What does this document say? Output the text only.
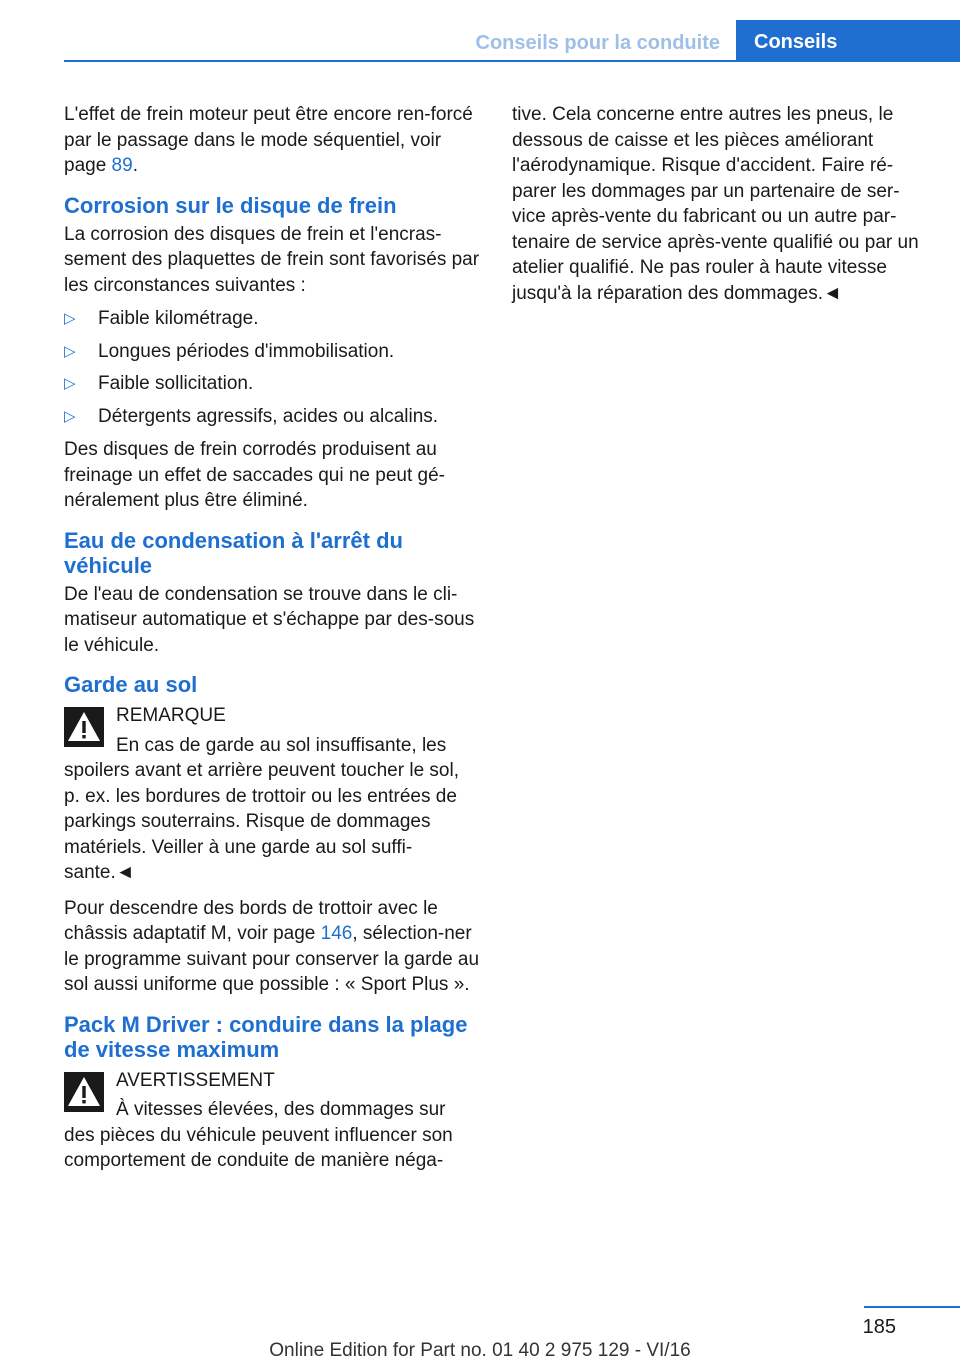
Conseils pour la conduite	Conseils

L'effet de frein moteur peut être encore ren-forcé par le passage dans le mode séquentiel, voir page 89.

Corrosion sur le disque de frein

La corrosion des disques de frein et l'encras-sement des plaquettes de frein sont favorisés par les circonstances suivantes :

▷ Faible kilométrage.
▷ Longues périodes d'immobilisation.
▷ Faible sollicitation.
▷ Détergents agressifs, acides ou alcalins.

Des disques de frein corrodés produisent au freinage un effet de saccades qui ne peut gé-néralement plus être éliminé.

Eau de condensation à l'arrêt du véhicule

De l'eau de condensation se trouve dans le cli-matiseur automatique et s'échappe par des-sous le véhicule.

Garde au sol
REMARQUE
En cas de garde au sol insuffisante, les
spoilers avant et arrière peuvent toucher le sol, p. ex. les bordures de trottoir ou les entrées de parkings souterrains. Risque de dommages matériels. Veiller à une garde au sol suffi-sante.◄

Pour descendre des bords de trottoir avec le châssis adaptatif M, voir page 146, sélection-ner le programme suivant pour conserver la garde au sol aussi uniforme que possible : « Sport Plus ».

Pack M Driver : conduire dans la plage de vitesse maximum
AVERTISSEMENT
À vitesses élevées, des dommages sur
des pièces du véhicule peuvent influencer son comportement de conduite de manière néga-

tive. Cela concerne entre autres les pneus, le dessous de caisse et les pièces améliorant l'aérodynamique. Risque d'accident. Faire ré-parer les dommages par un partenaire de ser-vice après-vente du fabricant ou un autre par-tenaire de service après-vente qualifié ou par un atelier qualifié. Ne pas rouler à haute vitesse jusqu'à la réparation des dommages.◄

185
Online Edition for Part no. 01 40 2 975 129 - VI/16
